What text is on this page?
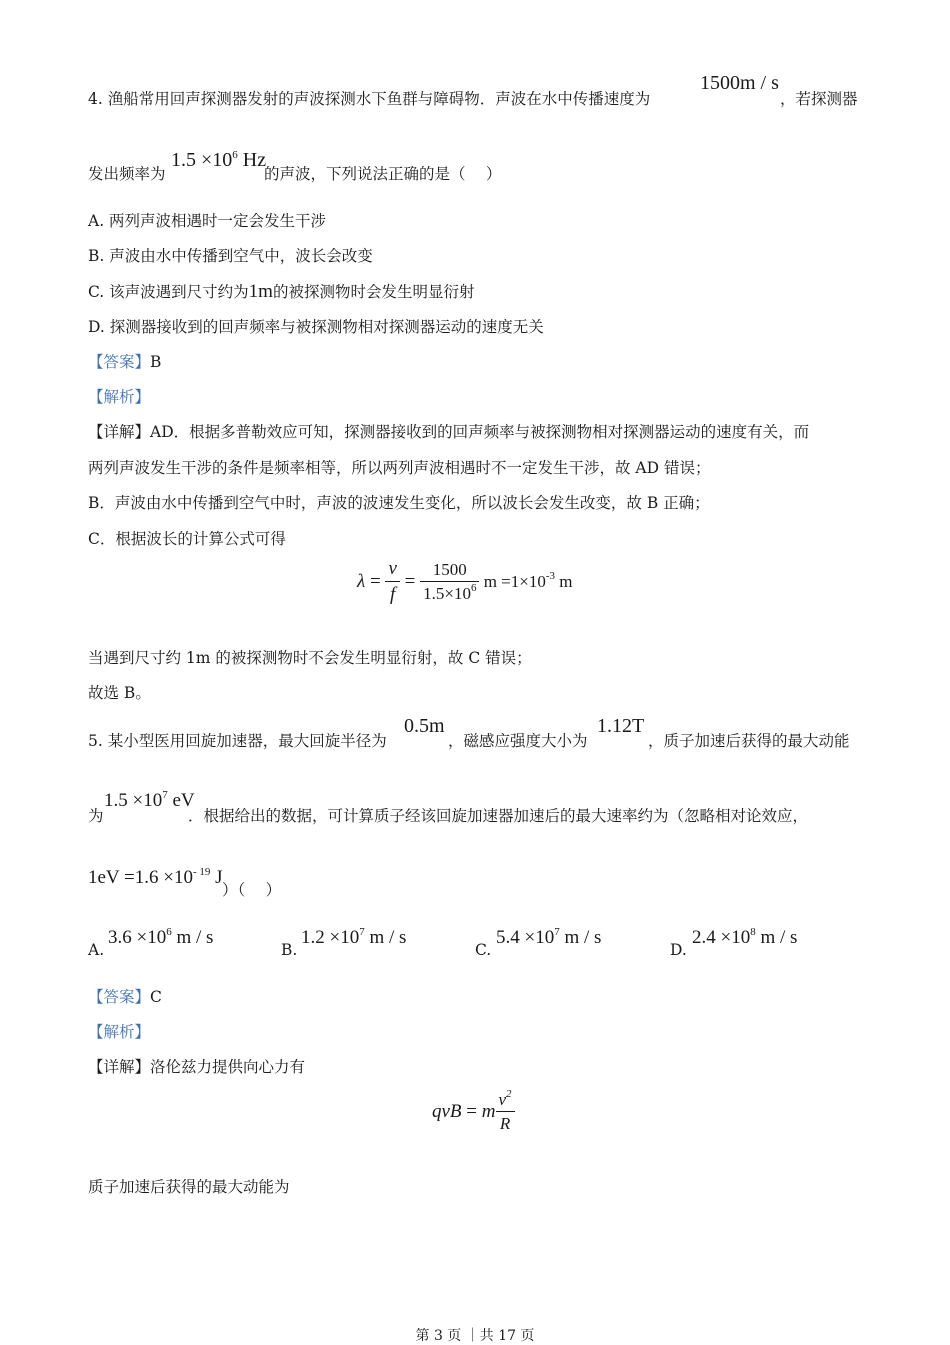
4. 渔船常用回声探测器发射的声波探测水下鱼群与障碍物．声波在水中传播速度为
1500m / s
，若探测器
发出频率为
$1.5 \times 10^6$ Hz
的声波，下列说法正确的是（　 ）
A. 两列声波相遇时一定会发生干涉
B. 声波由水中传播到空气中，波长会改变
C. 该声波遇到尺寸约为1m的被探测物时会发生明显衍射
D. 探测器接收到的回声频率与被探测物相对探测器运动的速度无关
【答案】B
【解析】
【详解】AD．根据多普勒效应可知，探测器接收到的回声频率与被探测物相对探测器运动的速度有关，而
两列声波发生干涉的条件是频率相等，所以两列声波相遇时不一定发生干涉，故 AD 错误；
B．声波由水中传播到空气中时，声波的波速发生变化，所以波长会发生改变，故 B 正确；
C．根据波长的计算公式可得
$\lambda = \frac{v}{f} = \frac{1500}{1.5\times 10^6}$ $m =1\times 10^{-3}$ m
当遇到尺寸约 1m 的被探测物时不会发生明显衍射，故 C 错误；
故选 B。
5. 某小型医用回旋加速器，最大回旋半径为
0.5m
，磁感应强度大小为
1.12T
，质子加速后获得的最大动能
为
$1.5 \times 10^7$ eV
．根据给出的数据，可计算质子经该回旋加速器加速后的最大速率约为（忽略相对论效应，
$1eV =1.6 \times 10^{- 19}$ J
）（　 ）
A.
$3.6 \times 10^6$ m / s
B.
$1.2 \times 10^7$ m / s
C.
$5.4 \times 10^7$ m / s
D.
$2.4 \times 10^8$ m / s
【答案】C
【解析】
【详解】洛伦兹力提供向心力有
qvB = m $\frac{v^2}{R}$
质子加速后获得的最大动能为
第 3 页 ｜共 17 页
